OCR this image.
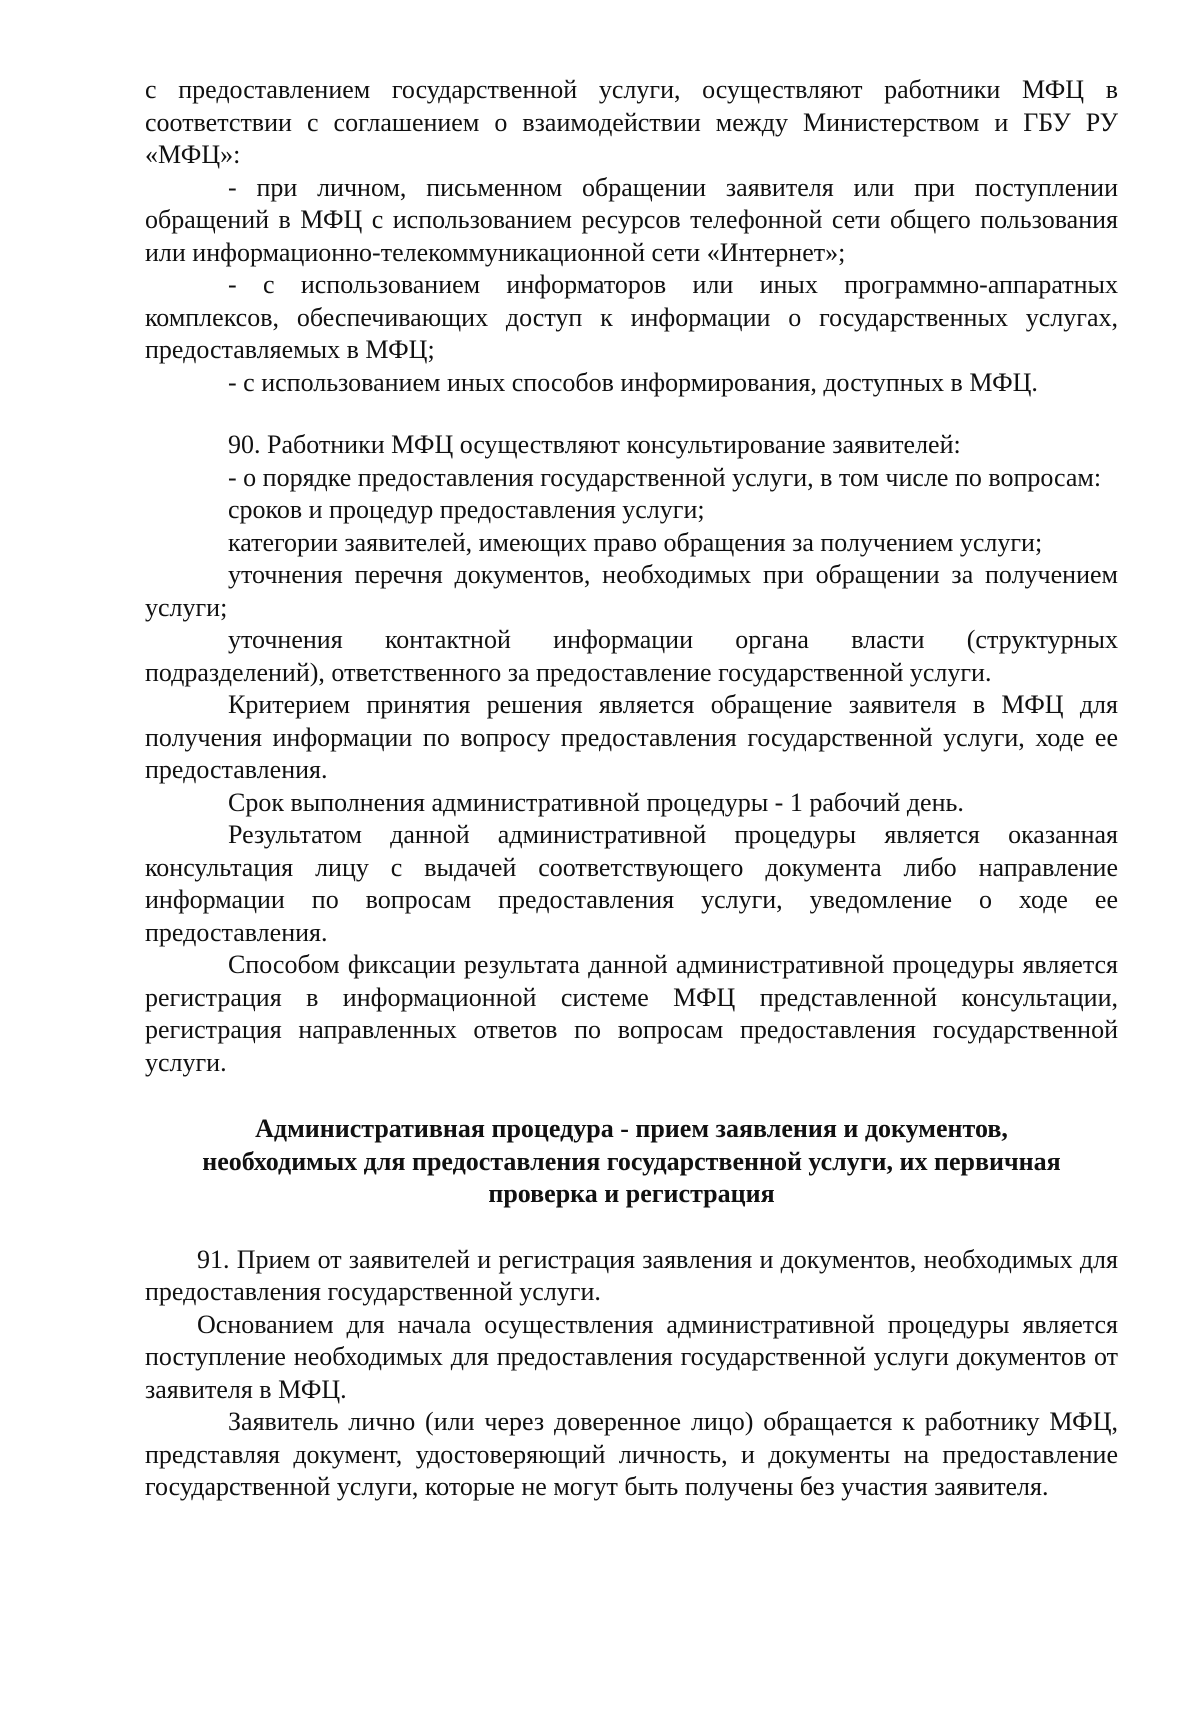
с предоставлением государственной услуги, осуществляют работники МФЦ в соответствии с соглашением о взаимодействии между Министерством и ГБУ РУ «МФЦ»:

- при личном, письменном обращении заявителя или при поступлении обращений в МФЦ с использованием ресурсов телефонной сети общего пользования или информационно-телекоммуникационной сети «Интернет»;

- с использованием информаторов или иных программно-аппаратных комплексов, обеспечивающих доступ к информации о государственных услугах, предоставляемых в МФЦ;

- с использованием иных способов информирования, доступных в МФЦ.

90. Работники МФЦ осуществляют консультирование заявителей:

- о порядке предоставления государственной услуги, в том числе по вопросам:

сроков и процедур предоставления услуги;

категории заявителей, имеющих право обращения за получением услуги;

уточнения перечня документов, необходимых при обращении за получением услуги;

уточнения контактной информации органа власти (структурных подразделений), ответственного за предоставление государственной услуги.

Критерием принятия решения является обращение заявителя в МФЦ для получения информации по вопросу предоставления государственной услуги, ходе ее предоставления.

Срок выполнения административной процедуры - 1 рабочий день.

Результатом данной административной процедуры является оказанная консультация лицу с выдачей соответствующего документа либо направление информации по вопросам предоставления услуги, уведомление о ходе ее предоставления.

Способом фиксации результата данной административной процедуры является регистрация в информационной системе МФЦ представленной консультации, регистрация направленных ответов по вопросам предоставления государственной услуги.

Административная процедура - прием заявления и документов,
необходимых для предоставления государственной услуги, их первичная
проверка и регистрация

91. Прием от заявителей и регистрация заявления и документов, необходимых для предоставления государственной услуги.

Основанием для начала осуществления административной процедуры является поступление необходимых для предоставления государственной услуги документов от заявителя в МФЦ.

Заявитель лично (или через доверенное лицо) обращается к работнику МФЦ, представляя документ, удостоверяющий личность, и документы на предоставление государственной услуги, которые не могут быть получены без участия заявителя.
